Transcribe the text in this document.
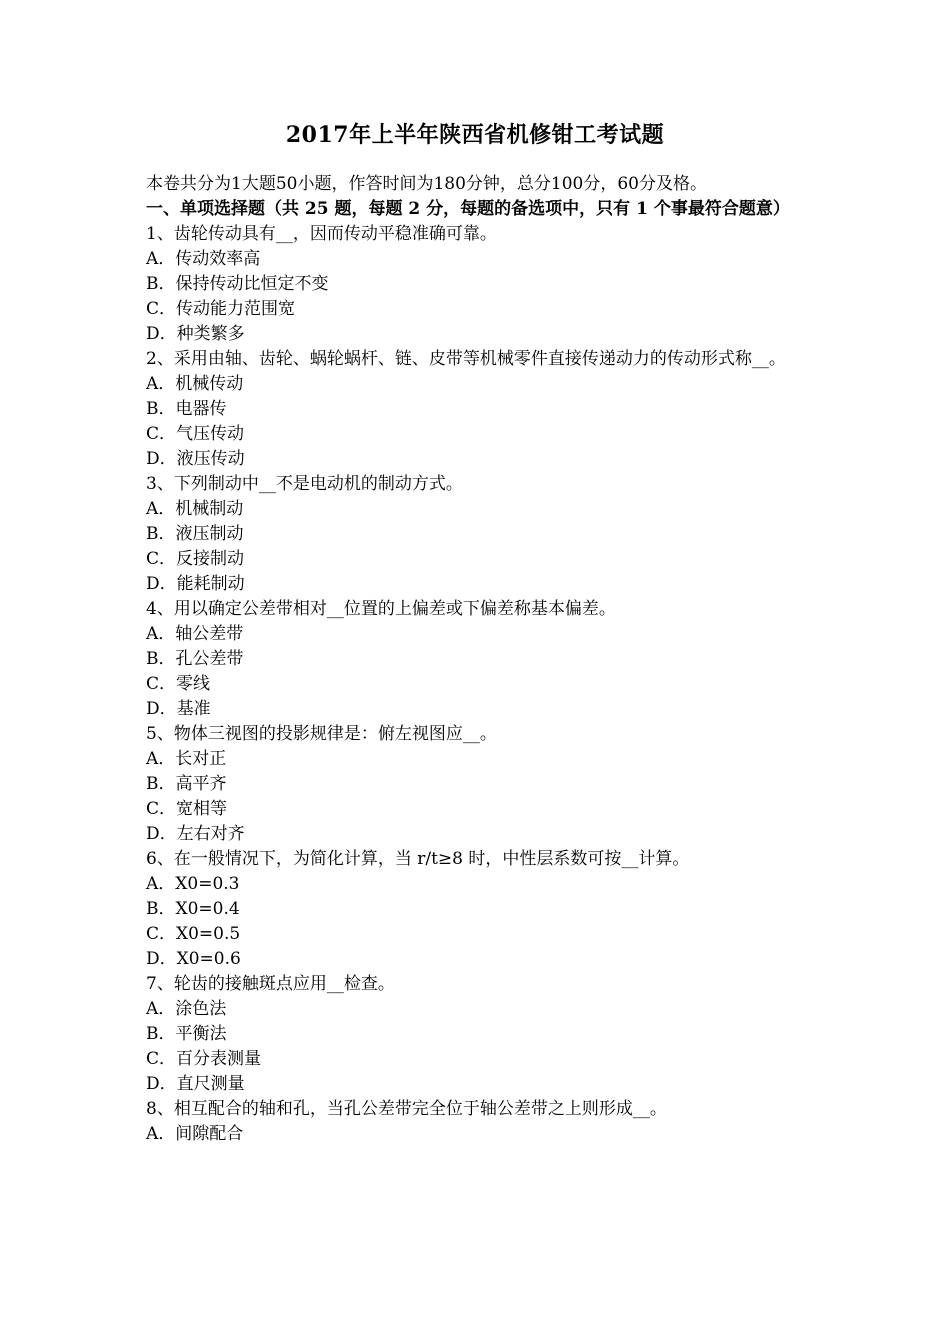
2017年上半年陕西省机修钳工考试题
本卷共分为1大题50小题，作答时间为180分钟，总分100分，60分及格。
一、单项选择题（共 25 题，每题 2 分，每题的备选项中，只有 1 个事最符合题意）
1、齿轮传动具有__，因而传动平稳准确可靠。
A．传动效率高
B．保持传动比恒定不变
C．传动能力范围宽
D．种类繁多
2、采用由轴、齿轮、蜗轮蜗杆、链、皮带等机械零件直接传递动力的传动形式称__。
A．机械传动
B．电器传
C．气压传动
D．液压传动
3、下列制动中__不是电动机的制动方式。
A．机械制动
B．液压制动
C．反接制动
D．能耗制动
4、用以确定公差带相对__位置的上偏差或下偏差称基本偏差。
A．轴公差带
B．孔公差带
C．零线
D．基准
5、物体三视图的投影规律是：俯左视图应__。
A．长对正
B．高平齐
C．宽相等
D．左右对齐
6、在一般情况下，为简化计算，当 r/t≥8 时，中性层系数可按__计算。
A．X0=0.3
B．X0=0.4
C．X0=0.5
D．X0=0.6
7、轮齿的接触斑点应用__检查。
A．涂色法
B．平衡法
C．百分表测量
D．直尺测量
8、相互配合的轴和孔，当孔公差带完全位于轴公差带之上则形成__。
A．间隙配合
